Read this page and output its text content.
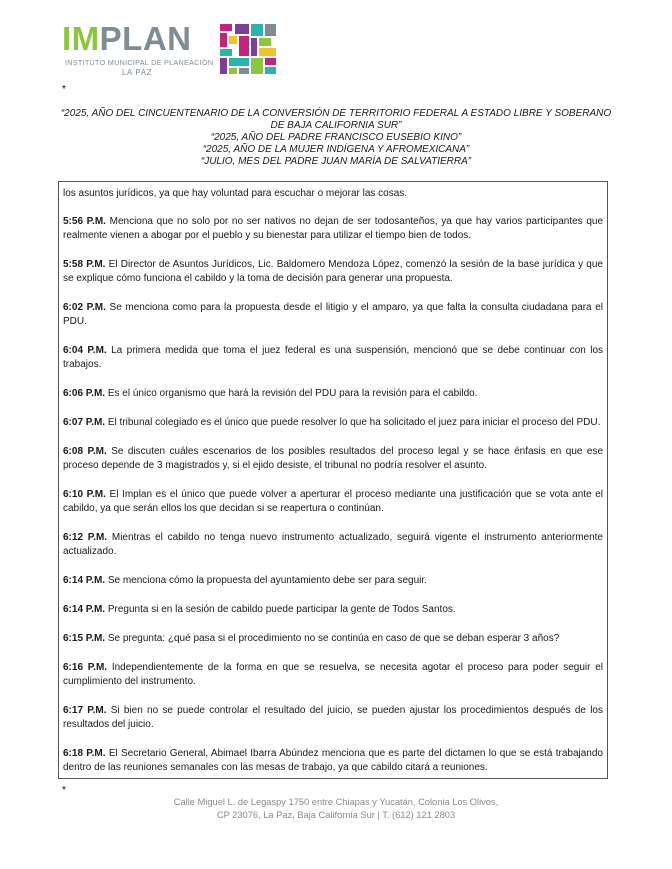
IMPLAN
INSTITUTO MUNICIPAL DE PLANEACIÓN
LA PAZ
*
“2025, AÑO DEL CINCUENTENARIO DE LA CONVERSIÓN DE TERRITORIO FEDERAL A ESTADO LIBRE Y SOBERANO DE BAJA CALIFORNIA SUR”
“2025, AÑO DEL PADRE FRANCISCO EUSEBIO KINO”
“2025, AÑO DE LA MUJER INDÍGENA Y AFROMEXICANA”
“JULIO, MES DEL PADRE JUAN MARÍA DE SALVATIERRA”

los asuntos jurídicos, ya que hay voluntad para escuchar o mejorar las cosas.

5:56 P.M. Menciona que no solo por no ser nativos no dejan de ser todosanteños, ya que hay varios participantes que realmente vienen a abogar por el pueblo y su bienestar para utilizar el tiempo bien de todos.

5:58 P.M. El Director de Asuntos Jurídicos, Lic. Baldomero Mendoza López, comenzó la sesión de la base jurídica y que se explique cómo funciona el cabildo y la toma de decisión para generar una propuesta.

6:02 P.M. Se menciona como para la propuesta desde el litigio y el amparo, ya que falta la consulta ciudadana para el PDU.

6:04 P.M. La primera medida que toma el juez federal es una suspensión, mencionó que se debe continuar con los trabajos.

6:06 P.M. Es el único organismo que hará la revisión del PDU para la revisión para el cabildo.

6:07 P.M. El tribunal colegiado es el único que puede resolver lo que ha solicitado el juez para iniciar el proceso del PDU.

6:08 P.M. Se discuten cuáles escenarios de los posibles resultados del proceso legal y se hace énfasis en que ese proceso depende de 3 magistrados y, si el ejido desiste, el tribunal no podría resolver el asunto.

6:10 P.M. El Implan es el único que puede volver a aperturar el proceso mediante una justificación que se vota ante el cabildo, ya que serán ellos los que decidan si se reapertura o continúan.

6:12 P.M. Mientras el cabildo no tenga nuevo instrumento actualizado, seguirá vigente el instrumento anteriormente actualizado.

6:14 P.M. Se menciona cómo la propuesta del ayuntamiento debe ser para seguir.

6:14 P.M. Pregunta si en la sesión de cabildo puede participar la gente de Todos Santos.

6:15 P.M. Se pregunta: ¿qué pasa si el procedimiento no se continúa en caso de que se deban esperar 3 años?

6:16 P.M. Independientemente de la forma en que se resuelva, se necesita agotar el proceso para poder seguir el cumplimiento del instrumento.

6:17 P.M. Si bien no se puede controlar el resultado del juicio, se pueden ajustar los procedimientos después de los resultados del juicio.

6:18 P.M. El Secretario General, Abimael Ibarra Abúndez menciona que es parte del dictamen lo que se está trabajando dentro de las reuniones semanales con las mesas de trabajo, ya que cabildo citará a reuniones.

*
Calle Miguel L. de Legaspy 1750 entre Chiapas y Yucatán, Colonia Los Olivos,
CP 23076, La Paz, Baja California Sur | T. (612) 121 2803
